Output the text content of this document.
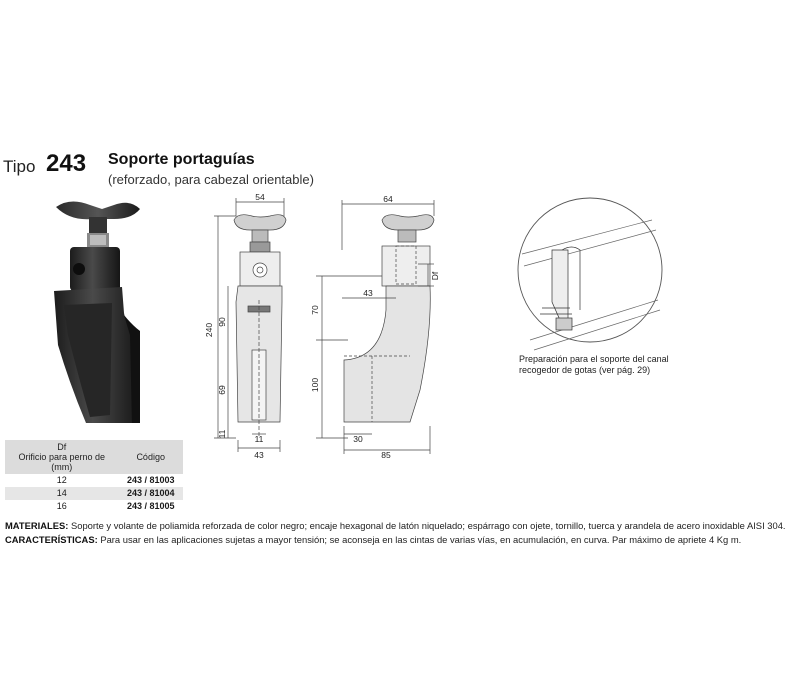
Tipo 243 Soporte portaguías
(reforzado, para cabezal orientable)
54
240
90
69
11	11
43
64
Df
70
43
100
30
85
Preparación para el soporte del canal recogedor de gotas (ver pág. 29)
Df
Orificio para perno de
(mm)	Código
12	243 / 81003
14	243 / 81004
16	243 / 81005
MATERIALES: Soporte y volante de poliamida reforzada de color negro; encaje hexagonal de latón niquelado; espárrago con ojete, tornillo, tuerca y arandela de acero inoxidable AISI 304.
CARACTERÍSTICAS: Para usar en las aplicaciones sujetas a mayor tensión; se aconseja en las cintas de varias vías, en acumulación, en curva. Par máximo de apriete 4 Kg m.
